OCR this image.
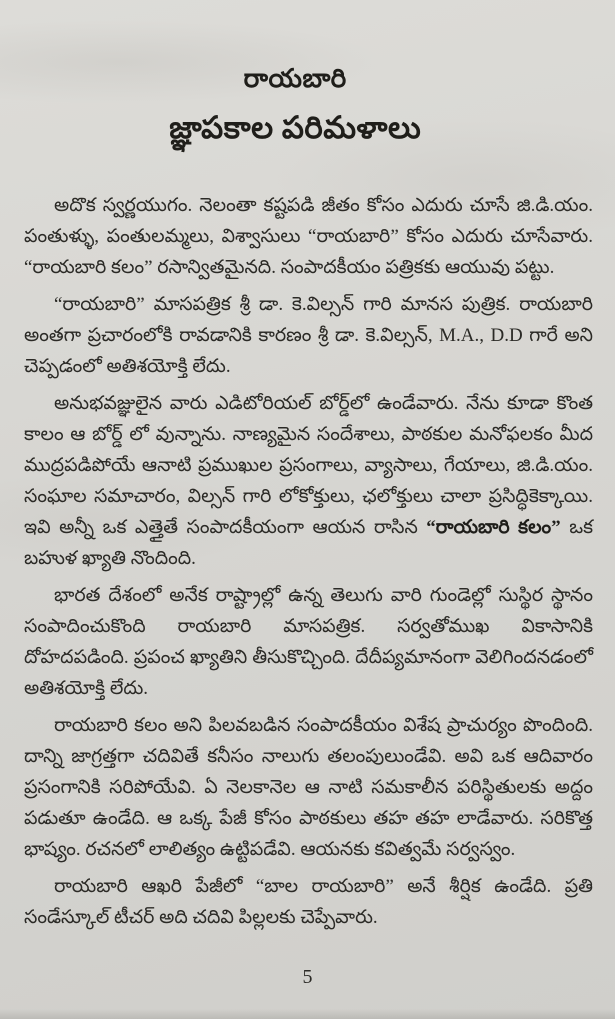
రాయబారి
జ్ఞాపకాల పరిమళాలు

అదొక స్వర్ణయుగం. నెలంతా కష్టపడి జీతం కోసం ఎదురు చూసే జి.డి.యం. పంతుళ్ళు, పంతులమ్మలు, విశ్వాసులు “రాయబారి” కోసం ఎదురు చూసేవారు. “రాయబారి కలం” రసాన్వితమైనది. సంపాదకీయం పత్రికకు ఆయువు పట్టు.

“రాయబారి” మాసపత్రిక శ్రీ డా. కె.విల్సన్ గారి మానస పుత్రిక. రాయబారి అంతగా ప్రచారంలోకి రావడానికి కారణం శ్రీ డా. కె.విల్సన్, M.A., D.D గారే అని చెప్పడంలో అతిశయోక్తి లేదు.

అనుభవజ్ఞులైన వారు ఎడిటోరియల్ బోర్డ్‌లో ఉండేవారు. నేను కూడా కొంత కాలం ఆ బోర్డ్ లో వున్నాను. నాణ్యమైన సందేశాలు, పాఠకుల మనోఫలకం మీద ముద్రపడిపోయే ఆనాటి ప్రముఖుల ప్రసంగాలు, వ్యాసాలు, గేయాలు, జి.డి.యం. సంఘాల సమాచారం, విల్సన్ గారి లోకోక్తులు, ఛలోక్తులు చాలా ప్రసిద్ధికెక్కాయి. ఇవి అన్నీ ఒక ఎత్తైతే సంపాదకీయంగా ఆయన రాసిన “రాయబారి కలం” ఒక బహుళ ఖ్యాతి నొందింది.

భారత దేశంలో అనేక రాష్ట్రాల్లో ఉన్న తెలుగు వారి గుండెల్లో సుస్థిర స్థానం సంపాదించుకొంది రాయబారి మాసపత్రిక. సర్వతోముఖ వికాసానికి దోహదపడింది. ప్రపంచ ఖ్యాతిని తీసుకొచ్చింది. దేదీప్యమానంగా వెలిగిందనడంలో అతిశయోక్తి లేదు.

రాయబారి కలం అని పిలవబడిన సంపాదకీయం విశేష ప్రాచుర్యం పొందింది. దాన్ని జాగ్రత్తగా చదివితే కనీసం నాలుగు తలంపులుండేవి. అవి ఒక ఆదివారం ప్రసంగానికి సరిపోయేవి. ఏ నెలకానెల ఆ నాటి సమకాలీన పరిస్థితులకు అద్దం పడుతూ ఉండేది. ఆ ఒక్క పేజీ కోసం పాఠకులు తహ తహ లాడేవారు. సరికొత్త భాష్యం. రచనలో లాలిత్యం ఉట్టిపడేవి. ఆయనకు కవిత్వమే సర్వస్వం.

రాయబారి ఆఖరి పేజీలో “బాల రాయబారి” అనే శీర్షిక ఉండేది. ప్రతి సండేస్కూల్ టీచర్ అది చదివి పిల్లలకు చెప్పేవారు.

5
